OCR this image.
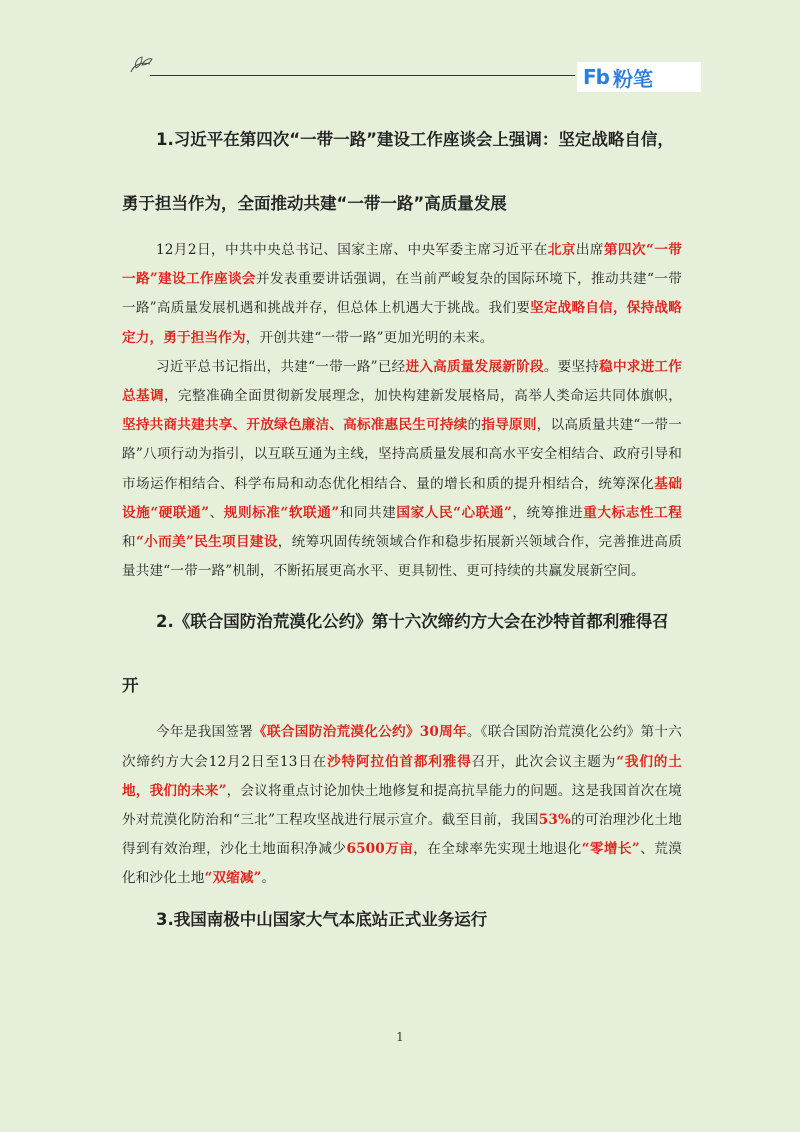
Fb 粉笔
1.习近平在第四次“一带一路”建设工作座谈会上强调：坚定战略自信，
勇于担当作为，全面推动共建“一带一路”高质量发展

12月2日，中共中央总书记、国家主席、中央军委主席习近平在北京出席第四次“一带一路”建设工作座谈会并发表重要讲话强调，在当前严峻复杂的国际环境下，推动共建“一带一路”高质量发展机遇和挑战并存，但总体上机遇大于挑战。我们要坚定战略自信，保持战略定力，勇于担当作为，开创共建“一带一路”更加光明的未来。

习近平总书记指出，共建“一带一路”已经进入高质量发展新阶段。要坚持稳中求进工作总基调，完整准确全面贯彻新发展理念，加快构建新发展格局，高举人类命运共同体旗帜，坚持共商共建共享、开放绿色廉洁、高标准惠民生可持续的指导原则，以高质量共建“一带一路”八项行动为指引，以互联互通为主线，坚持高质量发展和高水平安全相结合、政府引导和市场运作相结合、科学布局和动态优化相结合、量的增长和质的提升相结合，统筹深化基础设施“硬联通”、规则标准“软联通”和同共建国家人民“心联通”，统筹推进重大标志性工程和“小而美”民生项目建设，统筹巩固传统领域合作和稳步拓展新兴领域合作，完善推进高质量共建“一带一路”机制，不断拓展更高水平、更具韧性、更可持续的共赢发展新空间。

2.《联合国防治荒漠化公约》第十六次缔约方大会在沙特首都利雅得召
开

今年是我国签署《联合国防治荒漠化公约》30周年。《联合国防治荒漠化公约》第十六次缔约方大会12月2日至13日在沙特阿拉伯首都利雅得召开，此次会议主题为“我们的土地，我们的未来”，会议将重点讨论加快土地修复和提高抗旱能力的问题。这是我国首次在境外对荒漠化防治和“三北”工程攻坚战进行展示宣介。截至目前，我国53%的可治理沙化土地得到有效治理，沙化土地面积净减少6500万亩，在全球率先实现土地退化“零增长”、荒漠化和沙化土地“双缩减”。

3.我国南极中山国家大气本底站正式业务运行
1
